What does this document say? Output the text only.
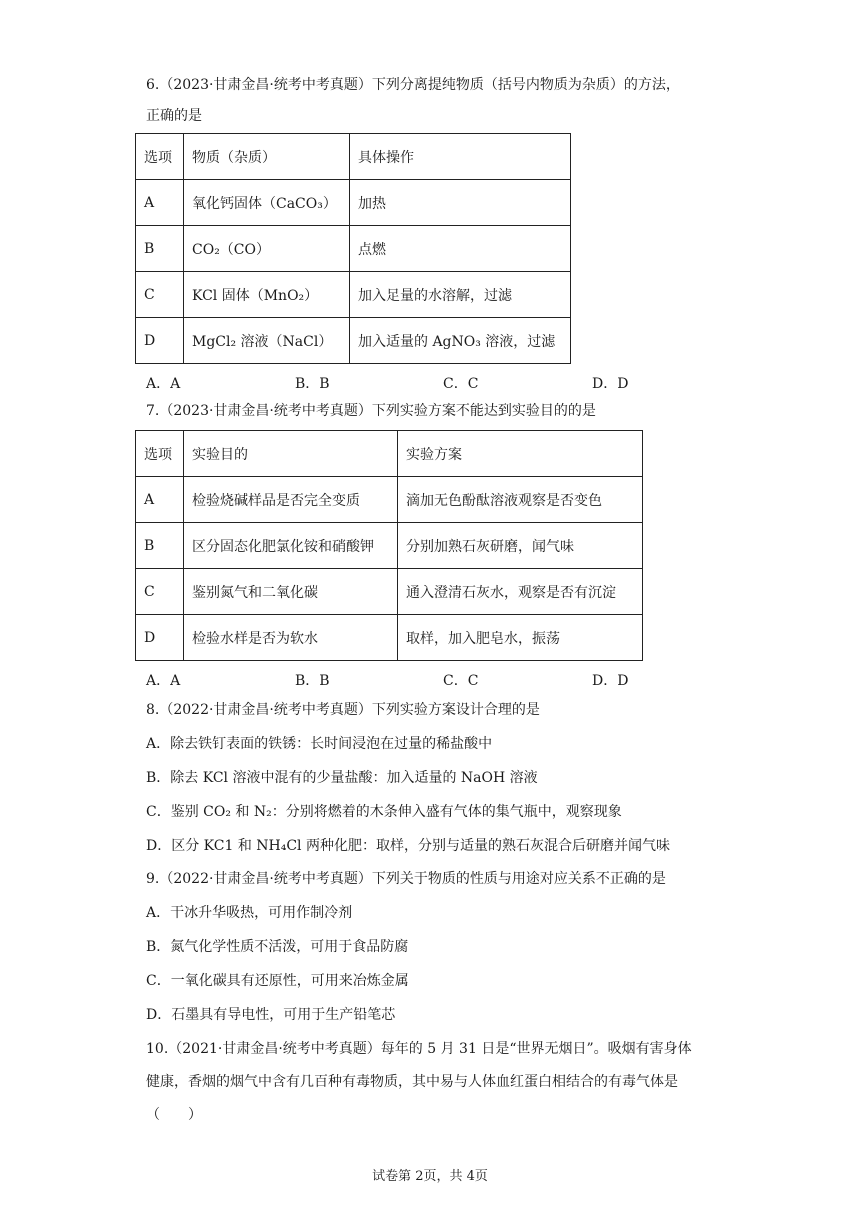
6.（2023·甘肃金昌·统考中考真题）下列分离提纯物质（括号内物质为杂质）的方法，
正确的是
选项	物质（杂质）	具体操作
A	氧化钙固体（CaCO₃）	加热
B	CO₂（CO）	点燃
C	KCl 固体（MnO₂）	加入足量的水溶解，过滤
D	MgCl₂ 溶液（NaCl）	加入适量的 AgNO₃ 溶液，过滤
A．A	B．B	C．C	D．D
7.（2023·甘肃金昌·统考中考真题）下列实验方案不能达到实验目的的是
选项	实验目的	实验方案
A	检验烧碱样品是否完全变质	滴加无色酚酞溶液观察是否变色
B	区分固态化肥氯化铵和硝酸钾	分别加熟石灰研磨，闻气味
C	鉴别氮气和二氧化碳	通入澄清石灰水，观察是否有沉淀
D	检验水样是否为软水	取样，加入肥皂水，振荡
A．A	B．B	C．C	D．D
8.（2022·甘肃金昌·统考中考真题）下列实验方案设计合理的是
A．除去铁钉表面的铁锈：长时间浸泡在过量的稀盐酸中
B．除去 KCl 溶液中混有的少量盐酸：加入适量的 NaOH 溶液
C．鉴别 CO₂ 和 N₂：分别将燃着的木条伸入盛有气体的集气瓶中，观察现象
D．区分 KC1 和 NH₄Cl 两种化肥：取样，分别与适量的熟石灰混合后研磨并闻气味
9.（2022·甘肃金昌·统考中考真题）下列关于物质的性质与用途对应关系不正确的是
A．干冰升华吸热，可用作制冷剂
B．氮气化学性质不活泼，可用于食品防腐
C．一氧化碳具有还原性，可用来冶炼金属
D．石墨具有导电性，可用于生产铅笔芯
10.（2021·甘肃金昌·统考中考真题）每年的 5 月 31 日是“世界无烟日”。吸烟有害身体
健康，香烟的烟气中含有几百种有毒物质，其中易与人体血红蛋白相结合的有毒气体是
（　　）
试卷第 2页，共 4页
